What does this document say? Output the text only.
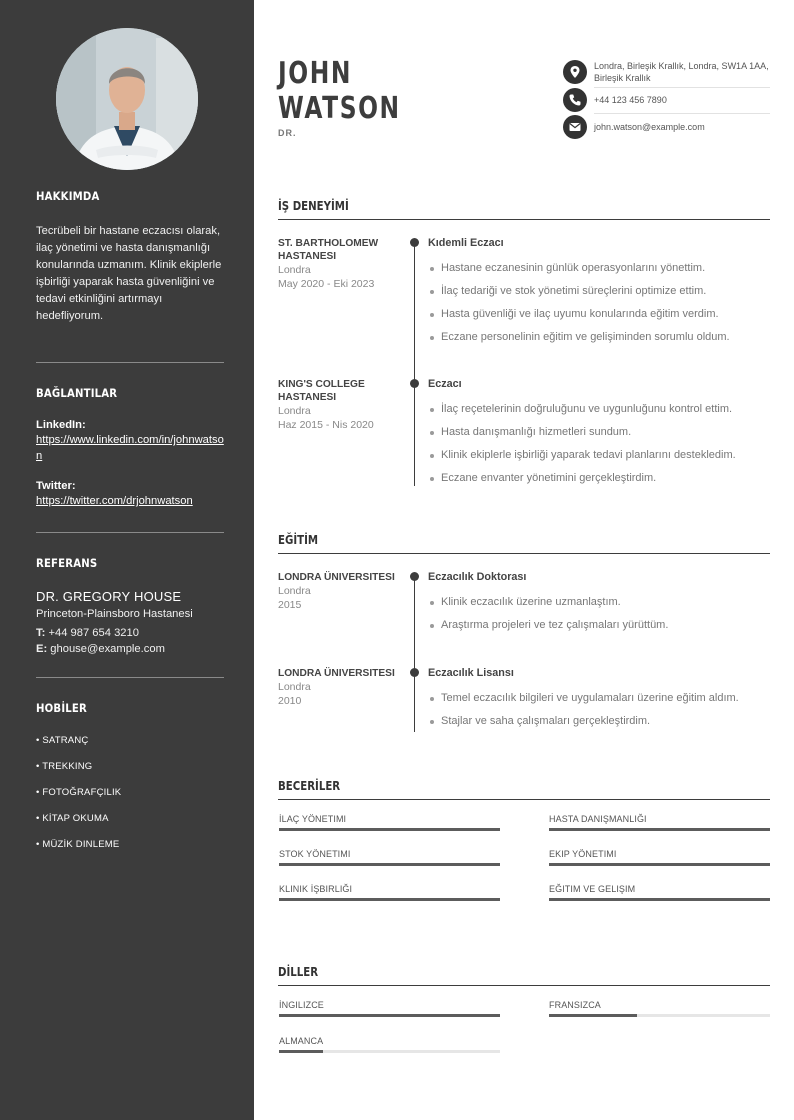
HAKKIMDA
Tecrübeli bir hastane eczacısı olarak, ilaç yönetimi ve hasta danışmanlığı konularında uzmanım. Klinik ekiplerle işbirliği yaparak hasta güvenliğini ve tedavi etkinliğini artırmayı hedefliyorum.
BAĞLANTILAR
LinkedIn:
https://www.linkedin.com/in/johnwatson
Twitter:
https://twitter.com/drjohnwatson
REFERANS
DR. GREGORY HOUSE
Princeton-Plainsboro Hastanesi
T: +44 987 654 3210
E: ghouse@example.com
HOBİLER
• SATRANÇ
• TREKKING
• FOTOĞRAFÇILIK
• KİTAP OKUMA
• MÜZİK DINLEME
JOHN
WATSON
DR.
Londra, Birleşik Krallık, Londra, SW1A 1AA, Birleşik Krallık
+44 123 456 7890
john.watson@example.com
İŞ DENEYİMİ
ST. BARTHOLOMEW HASTANESI
Londra
May 2020 - Eki 2023
Kıdemli Eczacı
Hastane eczanesinin günlük operasyonlarını yönettim.
İlaç tedariği ve stok yönetimi süreçlerini optimize ettim.
Hasta güvenliği ve ilaç uyumu konularında eğitim verdim.
Eczane personelinin eğitim ve gelişiminden sorumlu oldum.
KING'S COLLEGE HASTANESI
Londra
Haz 2015 - Nis 2020
Eczacı
İlaç reçetelerinin doğruluğunu ve uygunluğunu kontrol ettim.
Hasta danışmanlığı hizmetleri sundum.
Klinik ekiplerle işbirliği yaparak tedavi planlarını destekledim.
Eczane envanter yönetimini gerçekleştirdim.
EĞİTİM
LONDRA ÜNIVERSITESI
Londra
2015
Eczacılık Doktorası
Klinik eczacılık üzerine uzmanlaştım.
Araştırma projeleri ve tez çalışmaları yürüttüm.
LONDRA ÜNIVERSITESI
Londra
2010
Eczacılık Lisansı
Temel eczacılık bilgileri ve uygulamaları üzerine eğitim aldım.
Stajlar ve saha çalışmaları gerçekleştirdim.
BECERİLER
İLAÇ YÖNETIMI	HASTA DANIŞMANLIĞI
STOK YÖNETIMI	EKIP YÖNETIMI
KLINIK İŞBIRLIĞI	EĞITIM VE GELIŞIM
DİLLER
İNGILIZCE	FRANSIZCA
ALMANCA
